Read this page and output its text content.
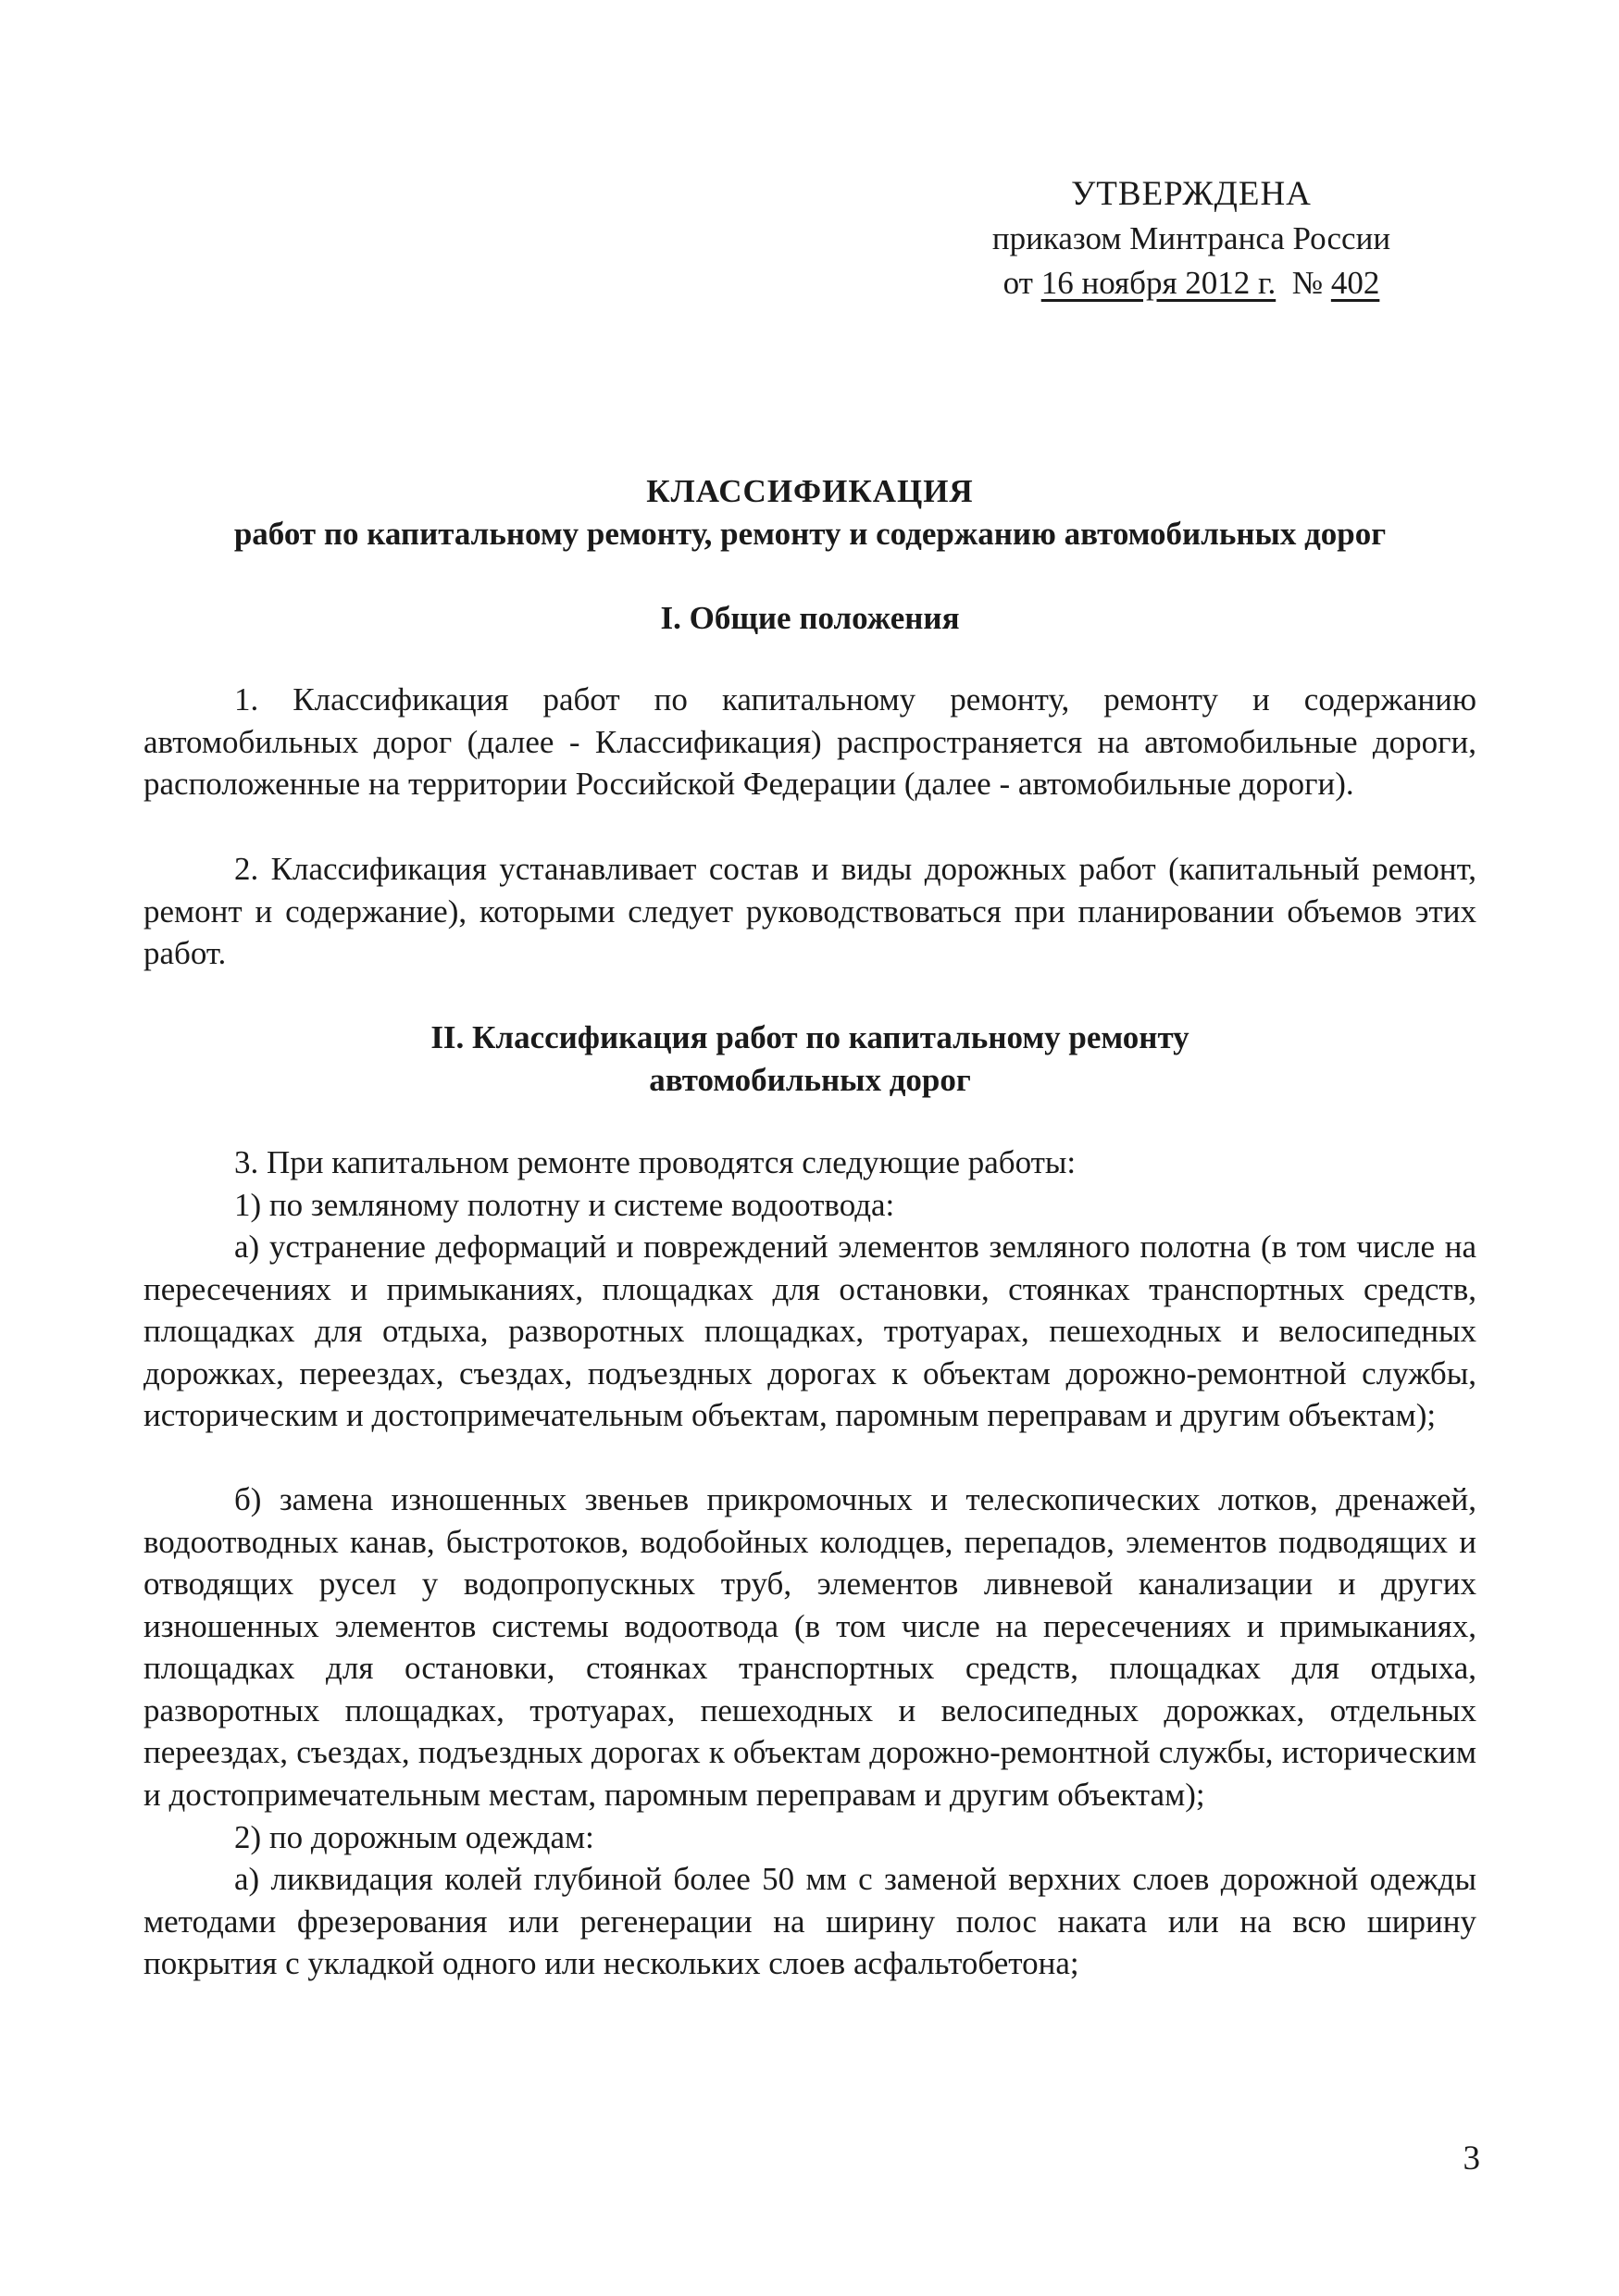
УТВЕРЖДЕНА
приказом Минтранса России
от 16 ноября 2012 г. № 402
КЛАССИФИКАЦИЯ
работ по капитальному ремонту, ремонту и содержанию автомобильных дорог
I. Общие положения
1. Классификация работ по капитальному ремонту, ремонту и содержанию автомобильных дорог (далее - Классификация) распространяется на автомобильные дороги, расположенные на территории Российской Федерации (далее - автомобильные дороги).
2. Классификация устанавливает состав и виды дорожных работ (капитальный ремонт, ремонт и содержание), которыми следует руководствоваться при планировании объемов этих работ.
II. Классификация работ по капитальному ремонту
автомобильных дорог
3. При капитальном ремонте проводятся следующие работы:
1) по земляному полотну и системе водоотвода:
а) устранение деформаций и повреждений элементов земляного полотна (в том числе на пересечениях и примыканиях, площадках для остановки, стоянках транспортных средств, площадках для отдыха, разворотных площадках, тротуарах, пешеходных и велосипедных дорожках, переездах, съездах, подъездных дорогах к объектам дорожно-ремонтной службы, историческим и достопримечательным объектам, паромным переправам и другим объектам);
б) замена изношенных звеньев прикромочных и телескопических лотков, дренажей, водоотводных канав, быстротоков, водобойных колодцев, перепадов, элементов подводящих и отводящих русел у водопропускных труб, элементов ливневой канализации и других изношенных элементов системы водоотвода (в том числе на пересечениях и примыканиях, площадках для остановки, стоянках транспортных средств, площадках для отдыха, разворотных площадках, тротуарах, пешеходных и велосипедных дорожках, отдельных переездах, съездах, подъездных дорогах к объектам дорожно-ремонтной службы, историческим и достопримечательным местам, паромным переправам и другим объектам);
2) по дорожным одеждам:
а) ликвидация колей глубиной более 50 мм с заменой верхних слоев дорожной одежды методами фрезерования или регенерации на ширину полос наката или на всю ширину покрытия с укладкой одного или нескольких слоев асфальтобетона;
3
